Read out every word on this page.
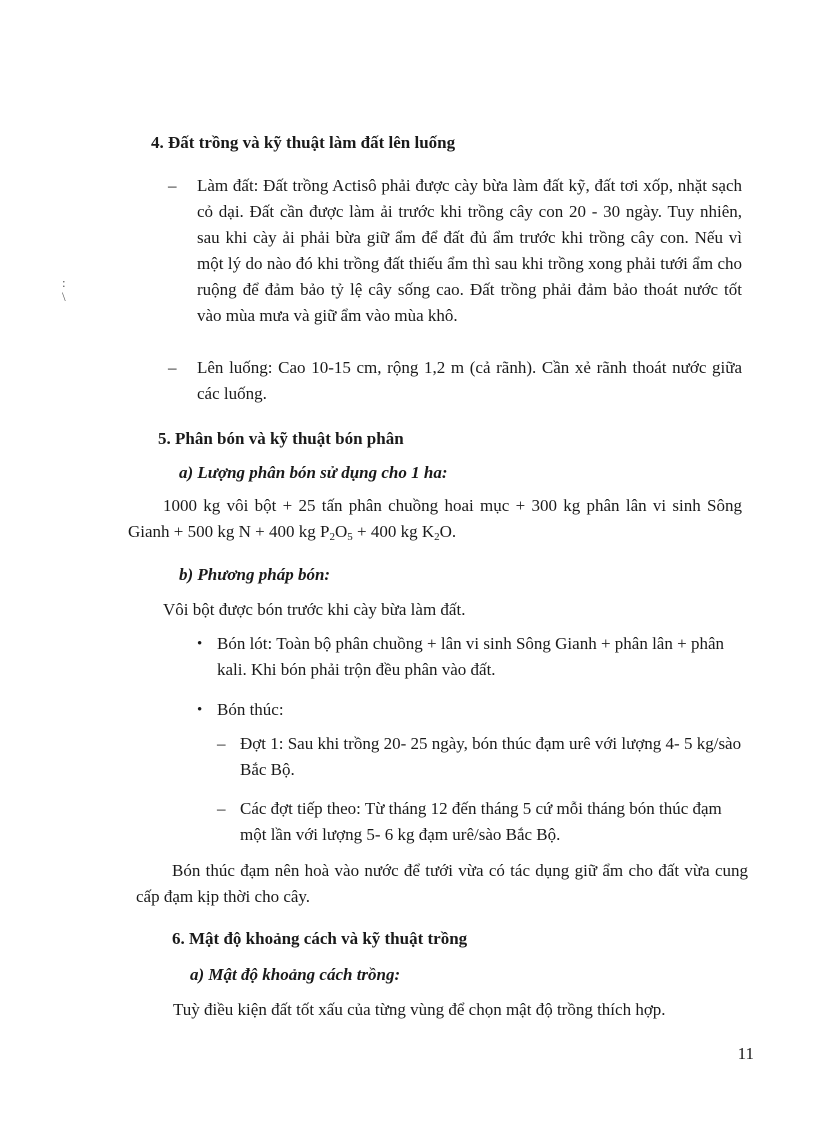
4. Đất trồng và kỹ thuật làm đất lên luống
– Làm đất: Đất trồng Actisô phải được cày bừa làm đất kỹ, đất tơi xốp, nhặt sạch cỏ dại. Đất cần được làm ải trước khi trồng cây con 20 - 30 ngày. Tuy nhiên, sau khi cày ải phải bừa giữ ẩm để đất đủ ẩm trước khi trồng cây con. Nếu vì một lý do nào đó khi trồng đất thiếu ẩm thì sau khi trồng xong phải tưới ẩm cho ruộng để đảm bảo tỷ lệ cây sống cao. Đất trồng phải đảm bảo thoát nước tốt vào mùa mưa và giữ ẩm vào mùa khô.

– Lên luống: Cao 10-15 cm, rộng 1,2 m (cả rãnh). Cần xẻ rãnh thoát nước giữa các luống.

5. Phân bón và kỹ thuật bón phân
a) Lượng phân bón sử dụng cho 1 ha:

1000 kg vôi bột + 25 tấn phân chuồng hoai mục + 300 kg phân lân vi sinh Sông Gianh + 500 kg N + 400 kg $P_2O_5 + 400$ kg $K_2O$.

b) Phương pháp bón:

Vôi bột được bón trước khi cày bừa làm đất.

• Bón lót: Toàn bộ phân chuồng + lân vi sinh Sông Gianh + phân lân + phân kali. Khi bón phải trộn đều phân vào đất.

• Bón thúc:

– Đợt 1: Sau khi trồng 20- 25 ngày, bón thúc đạm urê với lượng 4- 5 kg/sào Bắc Bộ.

– Các đợt tiếp theo: Từ tháng 12 đến tháng 5 cứ mỗi tháng bón thúc đạm một lần với lượng 5- 6 kg đạm urê/sào Bắc Bộ.

Bón thúc đạm nên hoà vào nước để tưới vừa có tác dụng giữ ẩm cho đất vừa cung cấp đạm kịp thời cho cây.

6. Mật độ khoảng cách và kỹ thuật trồng
a) Mật độ khoảng cách trồng:

Tuỳ điều kiện đất tốt xấu của từng vùng để chọn mật độ trồng thích hợp.

:
\
11
